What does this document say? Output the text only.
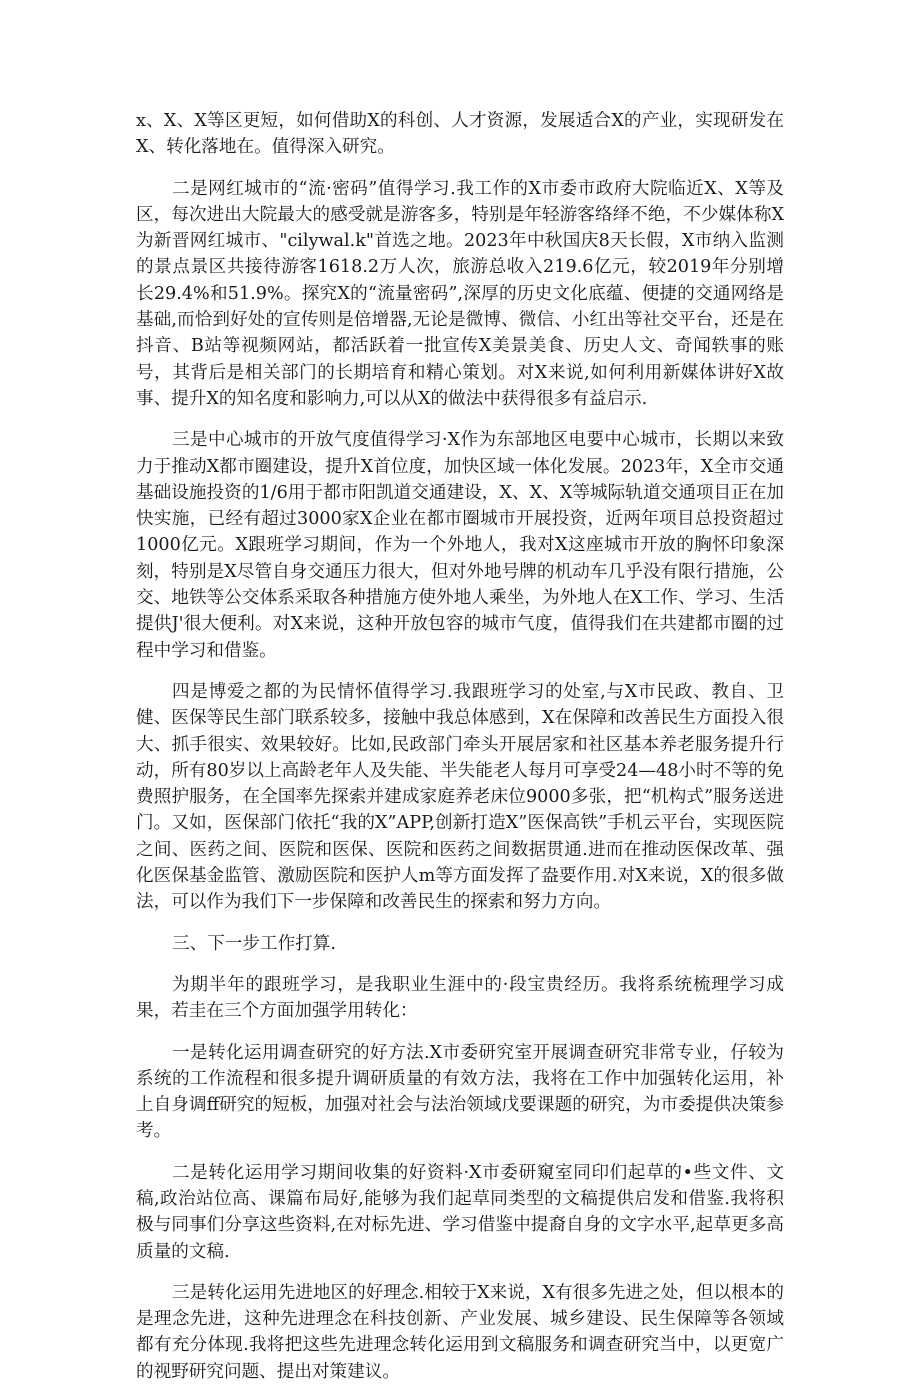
x、X、X等区更短，如何借助X的科创、人才资源，发展适合X的产业，实现研发在X、转化落地在。值得深入研究。

二是网红城市的“流·密码”值得学习.我工作的X市委市政府大院临近X、X等及区，每次进出大院最大的感受就是游客多，特别是年轻游客络绎不绝，不少媒体称X为新晋网红城市、"cilywal.k"首选之地。2023年中秋国庆8天长假，X市纳入监测的景点景区共接待游客1618.2万人次，旅游总收入219.6亿元，较2019年分别增长29.4%和51.9%。探究X的“流量密码”,深厚的历史文化底蕴、便捷的交通网络是基础,而恰到好处的宣传则是倍增器,无论是微博、微信、小红出等社交平台，还是在抖音、B站等视频网站，都活跃着一批宣传X美景美食、历史人文、奇闻轶事的账号，其背后是相关部门的长期培育和精心策划。对X来说,如何利用新媒体讲好X故事、提升X的知名度和影响力,可以从X的做法中获得很多有益启示.

三是中心城市的开放气度值得学习·X作为东部地区电要中心城市，长期以来致力于推动X都市圈建设，提升X首位度，加快区域一体化发展。2023年，X全市交通基础设施投资的1/6用于都市阳凯道交通建设，X、X、X等城际轨道交通项目正在加快实施，已经有超过3000家X企业在都市圈城市开展投资，近两年项目总投资超过1000亿元。X跟班学习期间，作为一个外地人，我对X这座城市开放的胸怀印象深刻，特别是X尽管自身交通压力很大，但对外地号牌的机动车几乎没有限行措施，公交、地铁等公交体系采取各种措施方使外地人乘坐，为外地人在X工作、学习、生活提供J'很大便利。对X来说，这种开放包容的城市气度，值得我们在共建都市圈的过程中学习和借鉴。

四是博爱之都的为民情怀值得学习.我跟班学习的处室,与X市民政、教自、卫健、医保等民生部门联系较多，接触中我总体感到，X在保障和改善民生方面投入很大、抓手很实、效果较好。比如,民政部门牵头开展居家和社区基本养老服务提升行动，所有80岁以上高龄老年人及失能、半失能老人每月可享受24—48小时不等的免费照护服务，在全国率先探索并建成家庭养老床位9000多张，把“机构式”服务送进门。又如，医保部门依托“我的X”APP,创新打造X”医保高铁”手机云平台，实现医院之间、医药之间、医院和医保、医院和医药之间数据贯通.进而在推动医保改革、强化医保基金监管、激励医院和医护人m等方面发挥了盎要作用.对X来说，X的很多做法，可以作为我们下一步保障和改善民生的探索和努力方向。

三、下一步工作打算.

为期半年的跟班学习，是我职业生涯中的·段宝贵经历。我将系统梳理学习成果，若圭在三个方面加强学用转化：

一是转化运用调查研究的好方法.X市委研究室开展调查研究非常专业，仔较为系统的工作流程和很多提升调研质量的有效方法，我将在工作中加强转化运用，补上自身调ff研究的短板，加强对社会与法治领域戊要课题的研究，为市委提供决策参考。

二是转化运用学习期间收集的好资料·X市委研窺室同印们起草的•些文件、文稿,政治站位高、课篇布局好,能够为我们起草同类型的文稿提供启发和借鉴.我将积极与同事们分享这些资料,在对标先进、学习借鉴中提裔自身的文字水平,起草更多高质量的文稿.

三是转化运用先进地区的好理念.相较于X来说，X有很多先进之处，但以根本的是理念先进，这种先进理念在科技创新、产业发展、城乡建设、民生保障等各领域都有充分体现.我将把这些先进理念转化运用到文稿服务和调查研究当中，以更宽广的视野研究问题、提出对策建议。
